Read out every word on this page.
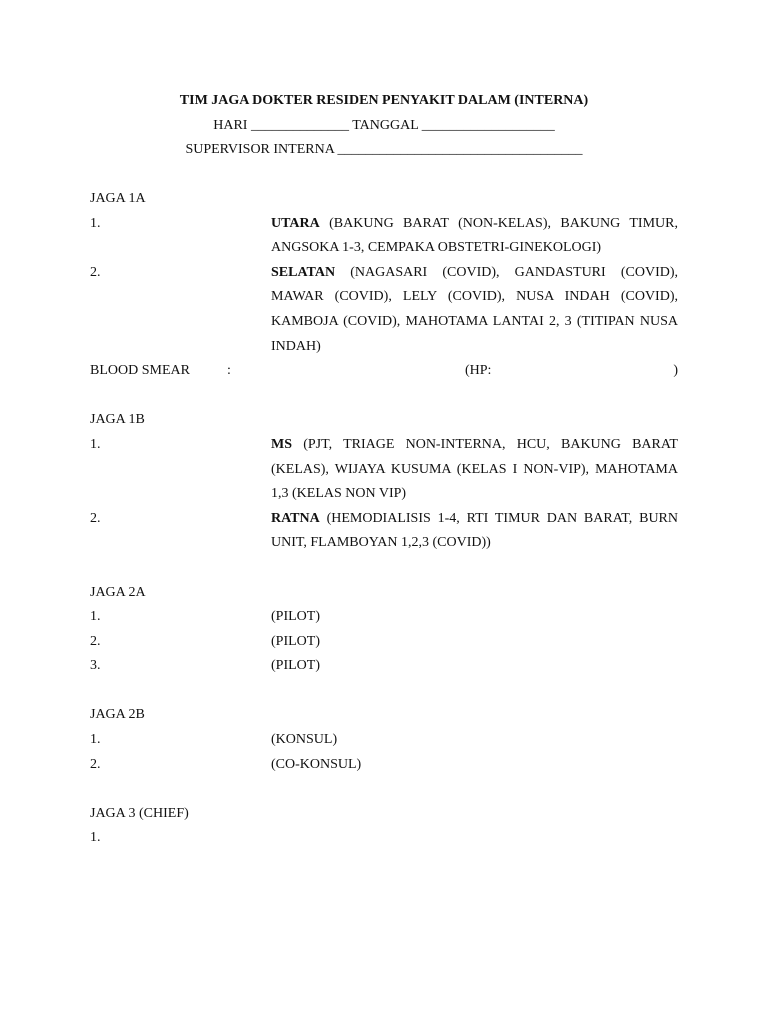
TIM JAGA DOKTER RESIDEN PENYAKIT DALAM (INTERNA)
HARI ______________ TANGGAL ___________________
SUPERVISOR INTERNA ___________________________________
JAGA 1A
1.	UTARA (BAKUNG BARAT (NON-KELAS), BAKUNG TIMUR, ANGSOKA 1-3, CEMPAKA OBSTETRI-GINEKOLOGI)
2.	SELATAN (NAGASARI (COVID), GANDASTURI (COVID), MAWAR (COVID), LELY (COVID), NUSA INDAH (COVID), KAMBOJA (COVID), MAHOTAMA LANTAI 2, 3 (TITIPAN NUSA INDAH)
BLOOD SMEAR	:	(HP:	)
JAGA 1B
1.	MS (PJT, TRIAGE NON-INTERNA, HCU, BAKUNG BARAT (KELAS), WIJAYA KUSUMA (KELAS I NON-VIP), MAHOTAMA 1,3 (KELAS NON VIP)
2.	RATNA (HEMODIALISIS 1-4, RTI TIMUR DAN BARAT, BURN UNIT, FLAMBOYAN 1,2,3 (COVID))
JAGA 2A
1.	(PILOT)
2.	(PILOT)
3.	(PILOT)
JAGA 2B
1.	(KONSUL)
2.	(CO-KONSUL)
JAGA 3 (CHIEF)
1.
